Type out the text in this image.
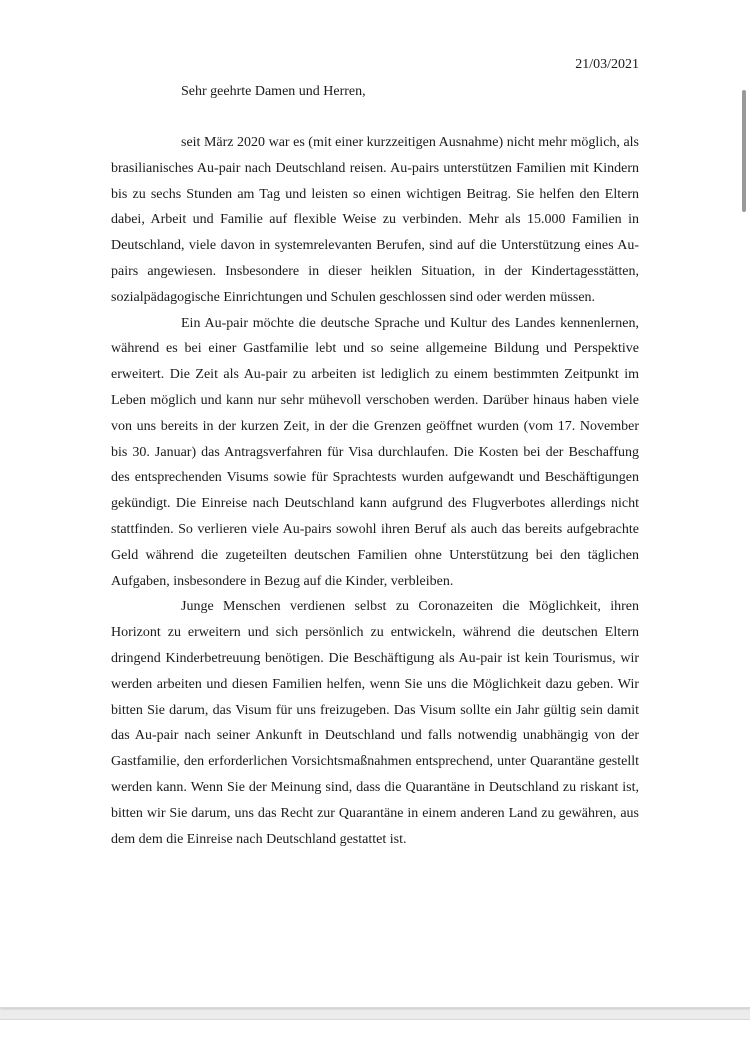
21/03/2021
Sehr geehrte Damen und Herren,

seit März 2020 war es (mit einer kurzzeitigen Ausnahme) nicht mehr möglich, als brasilianisches Au-pair nach Deutschland reisen. Au-pairs unterstützen Familien mit Kindern bis zu sechs Stunden am Tag und leisten so einen wichtigen Beitrag. Sie helfen den Eltern dabei, Arbeit und Familie auf flexible Weise zu verbinden. Mehr als 15.000 Familien in Deutschland, viele davon in systemrelevanten Berufen, sind auf die Unterstützung eines Au-pairs angewiesen. Insbesondere in dieser heiklen Situation, in der Kindertagesstätten, sozialpädagogische Einrichtungen und Schulen geschlossen sind oder werden müssen.

Ein Au-pair möchte die deutsche Sprache und Kultur des Landes kennenlernen, während es bei einer Gastfamilie lebt und so seine allgemeine Bildung und Perspektive erweitert. Die Zeit als Au-pair zu arbeiten ist lediglich zu einem bestimmten Zeitpunkt im Leben möglich und kann nur sehr mühevoll verschoben werden. Darüber hinaus haben viele von uns bereits in der kurzen Zeit, in der die Grenzen geöffnet wurden (vom 17. November bis 30. Januar) das Antragsverfahren für Visa durchlaufen. Die Kosten bei der Beschaffung des entsprechenden Visums sowie für Sprachtests wurden aufgewandt und Beschäftigungen gekündigt. Die Einreise nach Deutschland kann aufgrund des Flugverbotes allerdings nicht stattfinden. So verlieren viele Au-pairs sowohl ihren Beruf als auch das bereits aufgebrachte Geld während die zugeteilten deutschen Familien ohne Unterstützung bei den täglichen Aufgaben, insbesondere in Bezug auf die Kinder, verbleiben.

Junge Menschen verdienen selbst zu Coronazeiten die Möglichkeit, ihren Horizont zu erweitern und sich persönlich zu entwickeln, während die deutschen Eltern dringend Kinderbetreuung benötigen. Die Beschäftigung als Au-pair ist kein Tourismus, wir werden arbeiten und diesen Familien helfen, wenn Sie uns die Möglichkeit dazu geben. Wir bitten Sie darum, das Visum für uns freizugeben. Das Visum sollte ein Jahr gültig sein damit das Au-pair nach seiner Ankunft in Deutschland und falls notwendig unabhängig von der Gastfamilie, den erforderlichen Vorsichtsmaßnahmen entsprechend, unter Quarantäne gestellt werden kann. Wenn Sie der Meinung sind, dass die Quarantäne in Deutschland zu riskant ist, bitten wir Sie darum, uns das Recht zur Quarantäne in einem anderen Land zu gewähren, aus dem dem die Einreise nach Deutschland gestattet ist.
